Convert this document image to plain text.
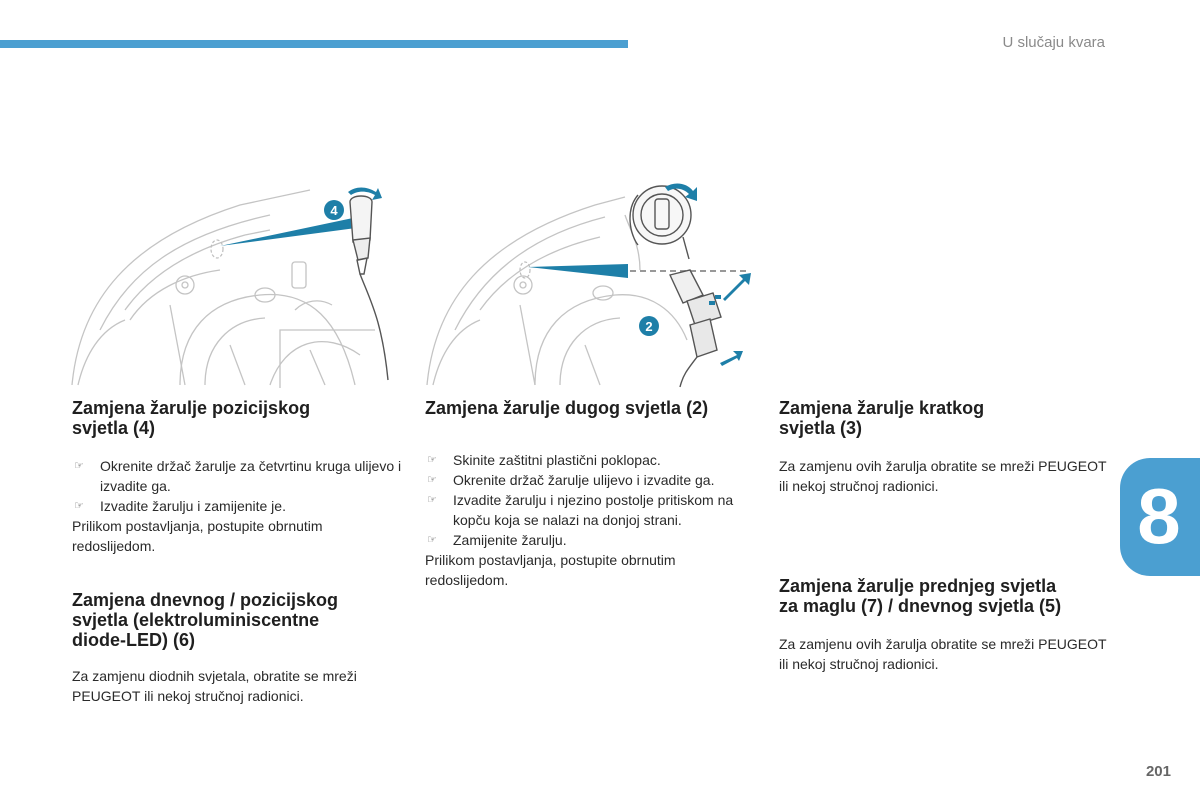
U slučaju kvara
8
201
4
2
Zamjena žarulje pozicijskog
svjetla (4)
☞ Okrenite držač žarulje za četvrtinu kruga ulijevo i izvadite ga.
☞ Izvadite žarulju i zamijenite je.

Prilikom postavljanja, postupite obrnutim redoslijedom.

Zamjena dnevnog / pozicijskog
svjetla (elektroluminiscentne
diode-LED) (6)

Za zamjenu diodnih svjetala, obratite se mreži PEUGEOT ili nekoj stručnoj radionici.

Zamjena žarulje dugog svjetla (2)
☞ Skinite zaštitni plastični poklopac.
☞ Okrenite držač žarulje ulijevo i izvadite ga.
☞ Izvadite žarulju i njezino postolje pritiskom na kopču koja se nalazi na donjoj strani.
☞ Zamijenite žarulju.

Prilikom postavljanja, postupite obrnutim redoslijedom.

Zamjena žarulje kratkog
svjetla (3)

Za zamjenu ovih žarulja obratite se mreži PEUGEOT ili nekoj stručnoj radionici.

Zamjena žarulje prednjeg svjetla
za maglu (7) / dnevnog svjetla (5)

Za zamjenu ovih žarulja obratite se mreži PEUGEOT ili nekoj stručnoj radionici.
